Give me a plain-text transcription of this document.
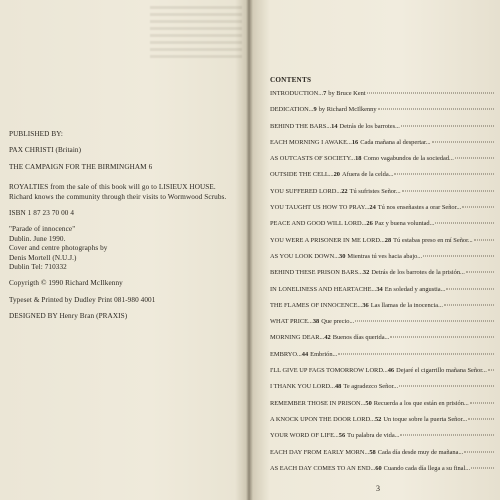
PUBLISHED BY:
PAX CHRISTI (Britain)
THE CAMPAIGN FOR THE BIRMINGHAM 6
ROYALTIES from the sale of this book will go to LISIEUX HOUSE.
Richard knows the community through their visits to Wormwood Scrubs.
ISBN 1 87 23 70 00 4
"Parade of innocence"
Dublin. June 1990.
Cover and centre photographs by
Denis Mortell (N.U.J.)
Dublin Tel: 710332
Copyrigth © 1990 Richard McIlkenny
Typeset & Printed by Dudley Print 081-980 4001
DESIGNED BY Henry Bran (PRAXIS)
CONTENTS
INTRODUCTION... 7 by Bruce Kent
DEDICATION... 9 by Richard McIlkenny
BEHIND THE BARS... 14 Detrás de los barrotes...
EACH MORNING I AWAKE... 16 Cada mañana al despertar...
AS OUTCASTS OF SOCIETY... 18 Como vagabundos de la sociedad...
OUTSIDE THE CELL... 20 Afuera de la celda...
YOU SUFFERED LORD... 22 Tú sufristes Señor...
YOU TAUGHT US HOW TO PRAY... 24 Tú nos enseñastes a orar Señor...
PEACE AND GOOD WILL LORD... 26 Paz y buena voluntad...
YOU WERE A PRISONER IN ME LORD... 28 Tú estabas preso en mí Señor...
AS YOU LOOK DOWN... 30 Mientras tú ves hacia abajo...
BEHIND THESE PRISON BARS... 32 Detrás de los barrotes de la prisión...
IN LONELINESS AND HEARTACHE... 34 En soledad y angustia...
THE FLAMES OF INNOCENCE... 36 Las llamas de la inocencia...
WHAT PRICE... 38 Que precio...
MORNING DEAR... 42 Buenos días querida...
EMBRYO... 44 Embrión...
I'LL GIVE UP FAGS TOMORROW LORD... 46 Dejaré el cigarrillo mañana Señor...
I THANK YOU LORD... 48 Te agradezco Señor...
REMEMBER THOSE IN PRISON... 50 Recuerda a los que están en prisión...
A KNOCK UPON THE DOOR LORD... 52 Un toque sobre la puerta Señor...
YOUR WORD OF LIFE... 56 Tu palabra de vida...
EACH DAY FROM EARLY MORN... 58 Cada día desde muy de mañana...
AS EACH DAY COMES TO AN END... 60 Cuando cada día llega a su final...
3
